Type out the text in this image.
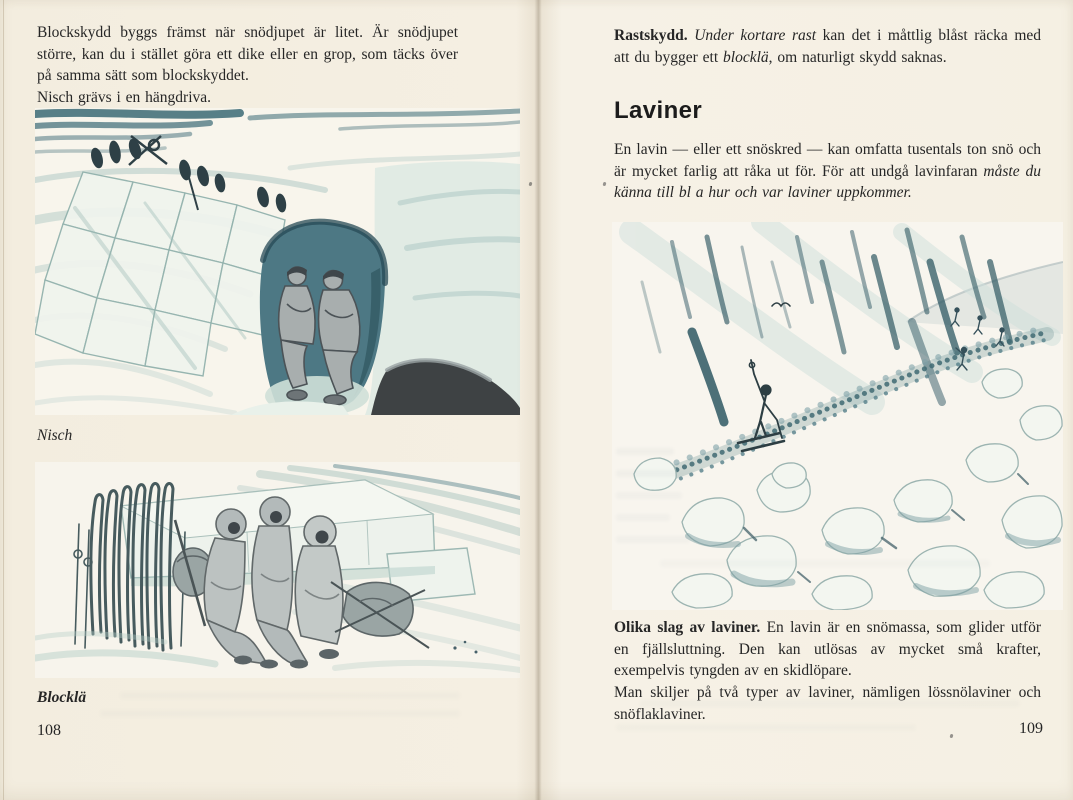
Blockskydd byggs främst när snödjupet är litet. Är snödjupet större, kan du i stället göra ett dike eller en grop, som täcks över på samma sätt som blockskyddet.

Nisch grävs i en hängdriva.

Nisch

Blocklä

108

Rastskydd. Under kortare rast kan det i måttlig blåst räcka med att du bygger ett blocklä, om naturligt skydd saknas.

Laviner

En lavin — eller ett snöskred — kan omfatta tusentals ton snö och är mycket farlig att råka ut för. För att undgå lavinfaran måste du känna till bl a hur och var laviner uppkommer.

Olika slag av laviner. En lavin är en snömassa, som glider utför en fjällsluttning. Den kan utlösas av mycket små krafter, exempelvis tyngden av en skidlöpare.

Man skiljer på två typer av laviner, nämligen lössnölaviner och snöflaklaviner.

109
